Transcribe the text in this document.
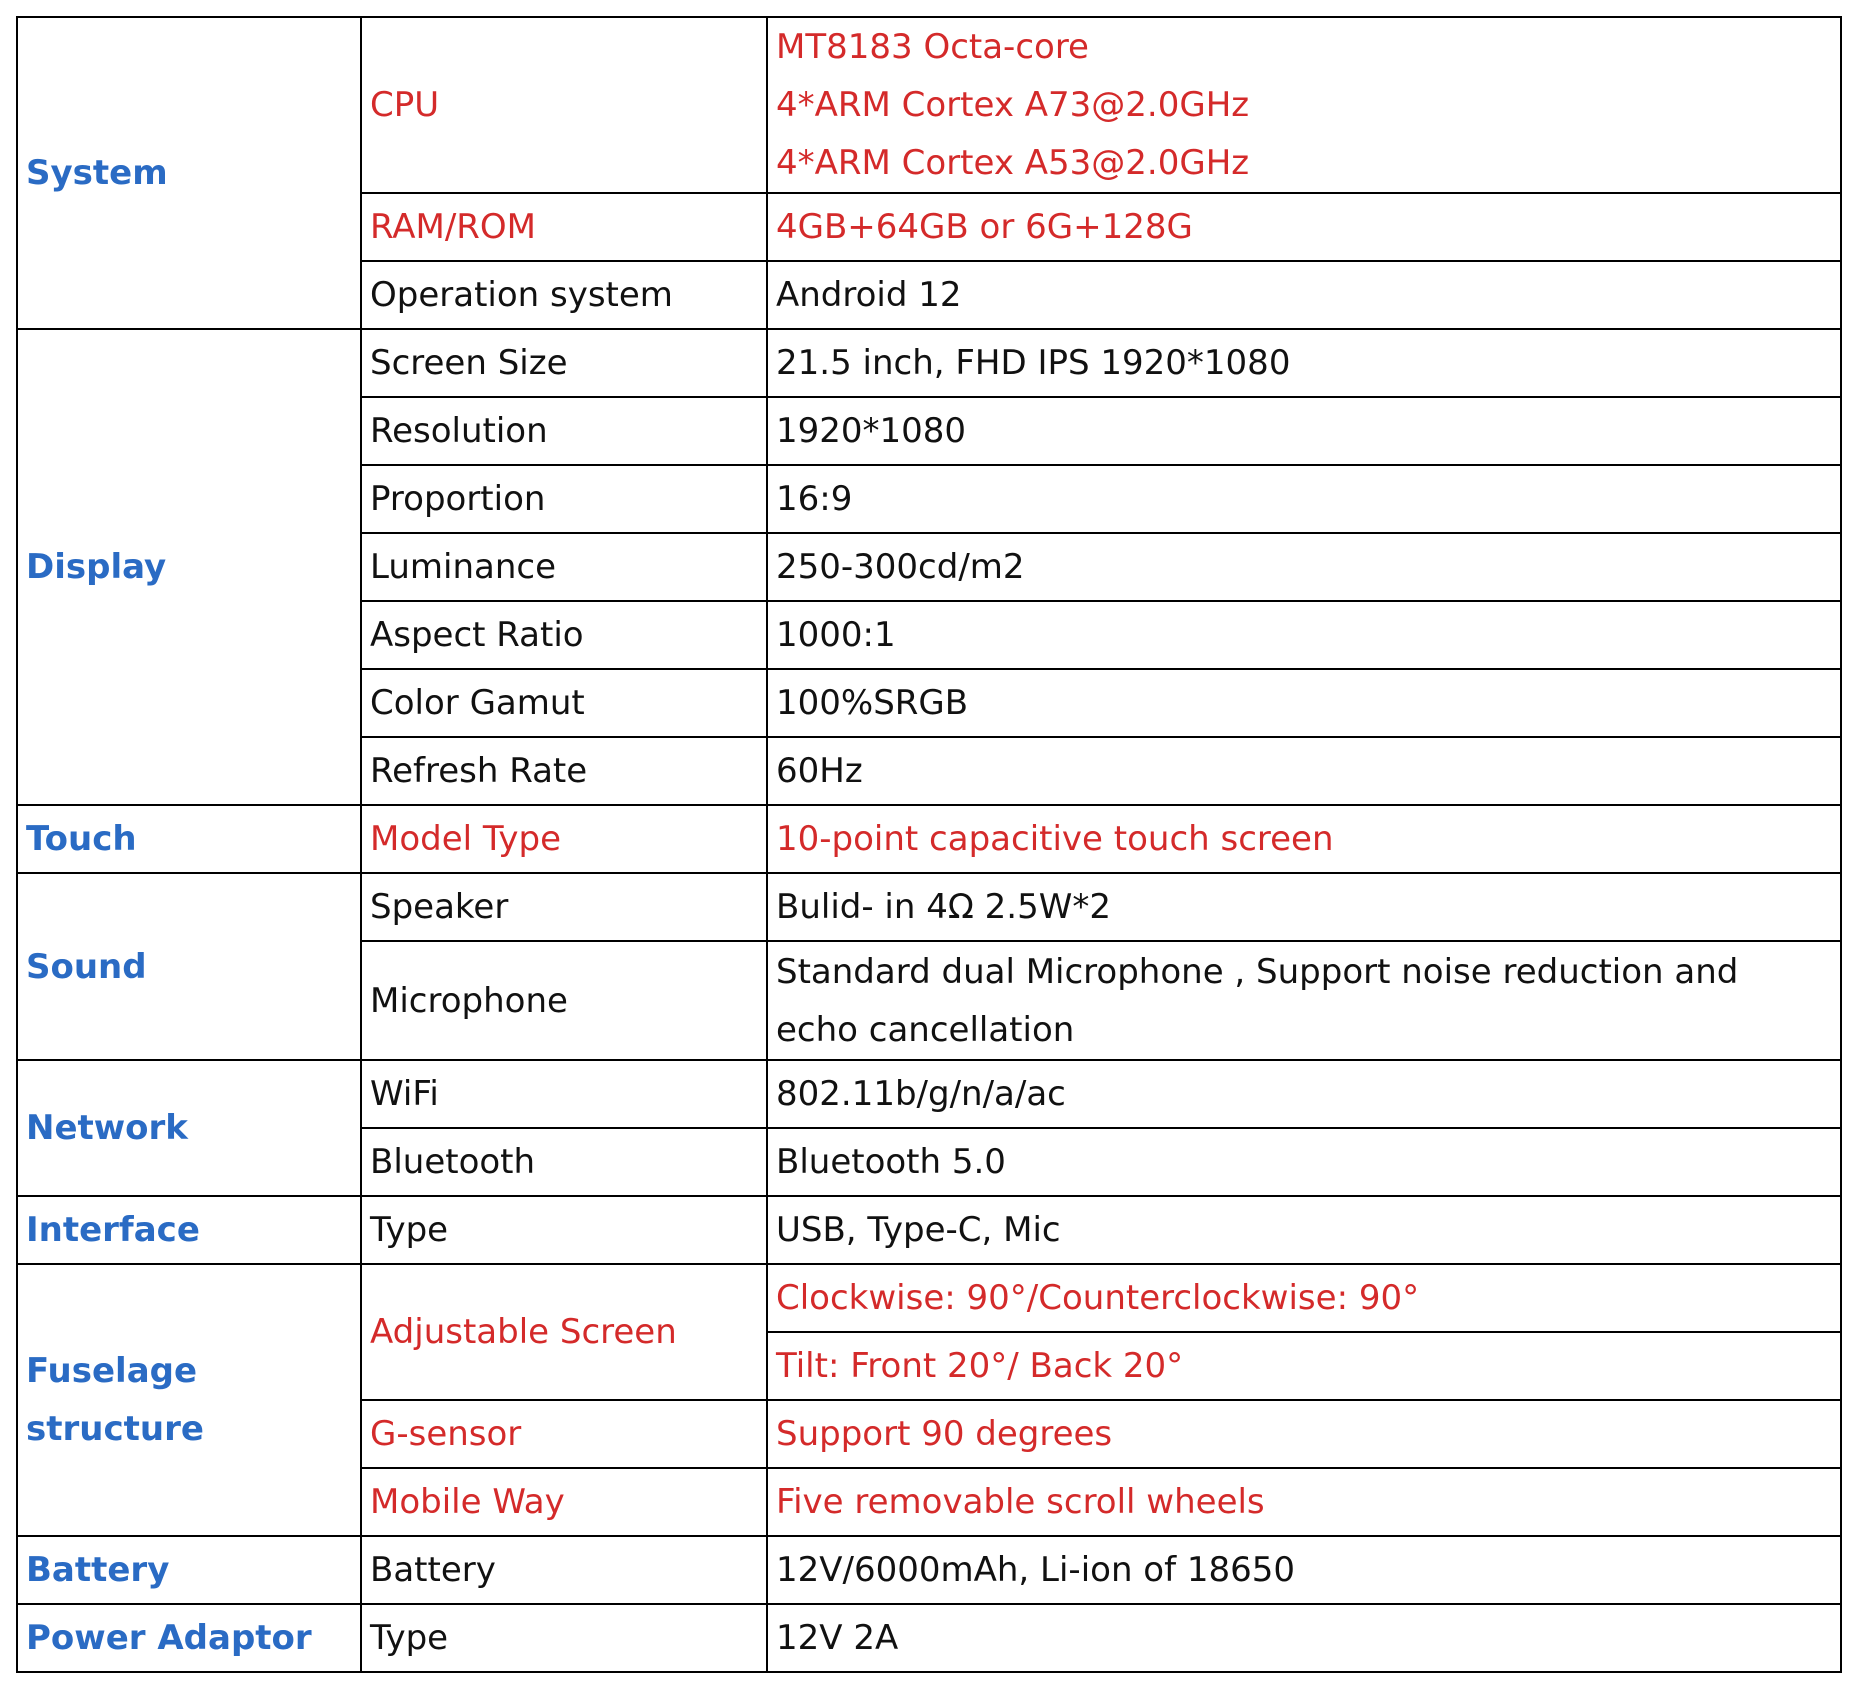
System	CPU	MT8183 Octa-core
4*ARM Cortex A73@2.0GHz
4*ARM Cortex A53@2.0GHz

	RAM/ROM	4GB+64GB or 6G+128G
	Operation system	Android 12
Display	Screen Size	21.5 inch, FHD IPS 1920*1080
	Resolution	1920*1080
	Proportion	16:9
	Luminance	250-300cd/m2
	Aspect Ratio	1000:1
	Color Gamut	100%SRGB
	Refresh Rate	60Hz
Touch	Model Type	10-point capacitive touch screen
Sound	Speaker	Bulid- in 4Ω 2.5W*2
	Microphone	Standard dual Microphone , Support noise reduction and
echo cancellation

Network	WiFi	802.11b/g/n/a/ac
	Bluetooth	Bluetooth 5.0
Interface	Type	USB, Type-C, Mic

Fuselage
structure	Adjustable Screen	Clockwise: 90°/Counterclockwise: 90°
		Tilt: Front 20°/ Back 20°
	G-sensor	Support 90 degrees
	Mobile Way	Five removable scroll wheels
Battery	Battery	12V/6000mAh, Li-ion of 18650
Power Adaptor	Type	12V 2A
